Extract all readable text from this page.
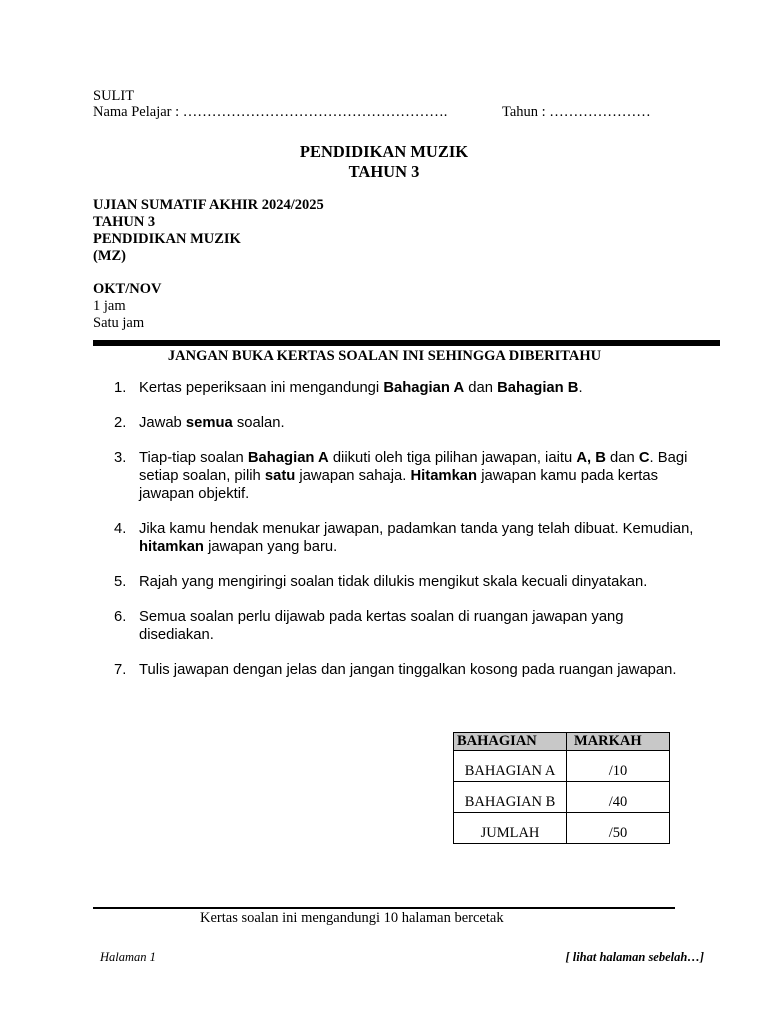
SULIT
Nama Pelajar : ……………………………………………….	Tahun : …………………
PENDIDIKAN MUZIK
TAHUN 3
UJIAN SUMATIF AKHIR 2024/2025
TAHUN 3
PENDIDIKAN MUZIK
(MZ)
OKT/NOV
1 jam
Satu jam
JANGAN BUKA KERTAS SOALAN INI SEHINGGA DIBERITAHU
1. Kertas peperiksaan ini mengandungi Bahagian A dan Bahagian B.
2. Jawab semua soalan.
3. Tiap-tiap soalan Bahagian A diikuti oleh tiga pilihan jawapan, iaitu A, B dan C. Bagi setiap soalan, pilih satu jawapan sahaja. Hitamkan jawapan kamu pada kertas jawapan objektif.
4. Jika kamu hendak menukar jawapan, padamkan tanda yang telah dibuat. Kemudian, hitamkan jawapan yang baru.
5. Rajah yang mengiringi soalan tidak dilukis mengikut skala kecuali dinyatakan.
6. Semua soalan perlu dijawab pada kertas soalan di ruangan jawapan yang disediakan.
7. Tulis jawapan dengan jelas dan jangan tinggalkan kosong pada ruangan jawapan.
BAHAGIAN	MARKAH
BAHAGIAN A	/10
BAHAGIAN B	/40
JUMLAH	/50
Kertas soalan ini mengandungi 10 halaman bercetak
Halaman 1	[ lihat halaman sebelah…]
